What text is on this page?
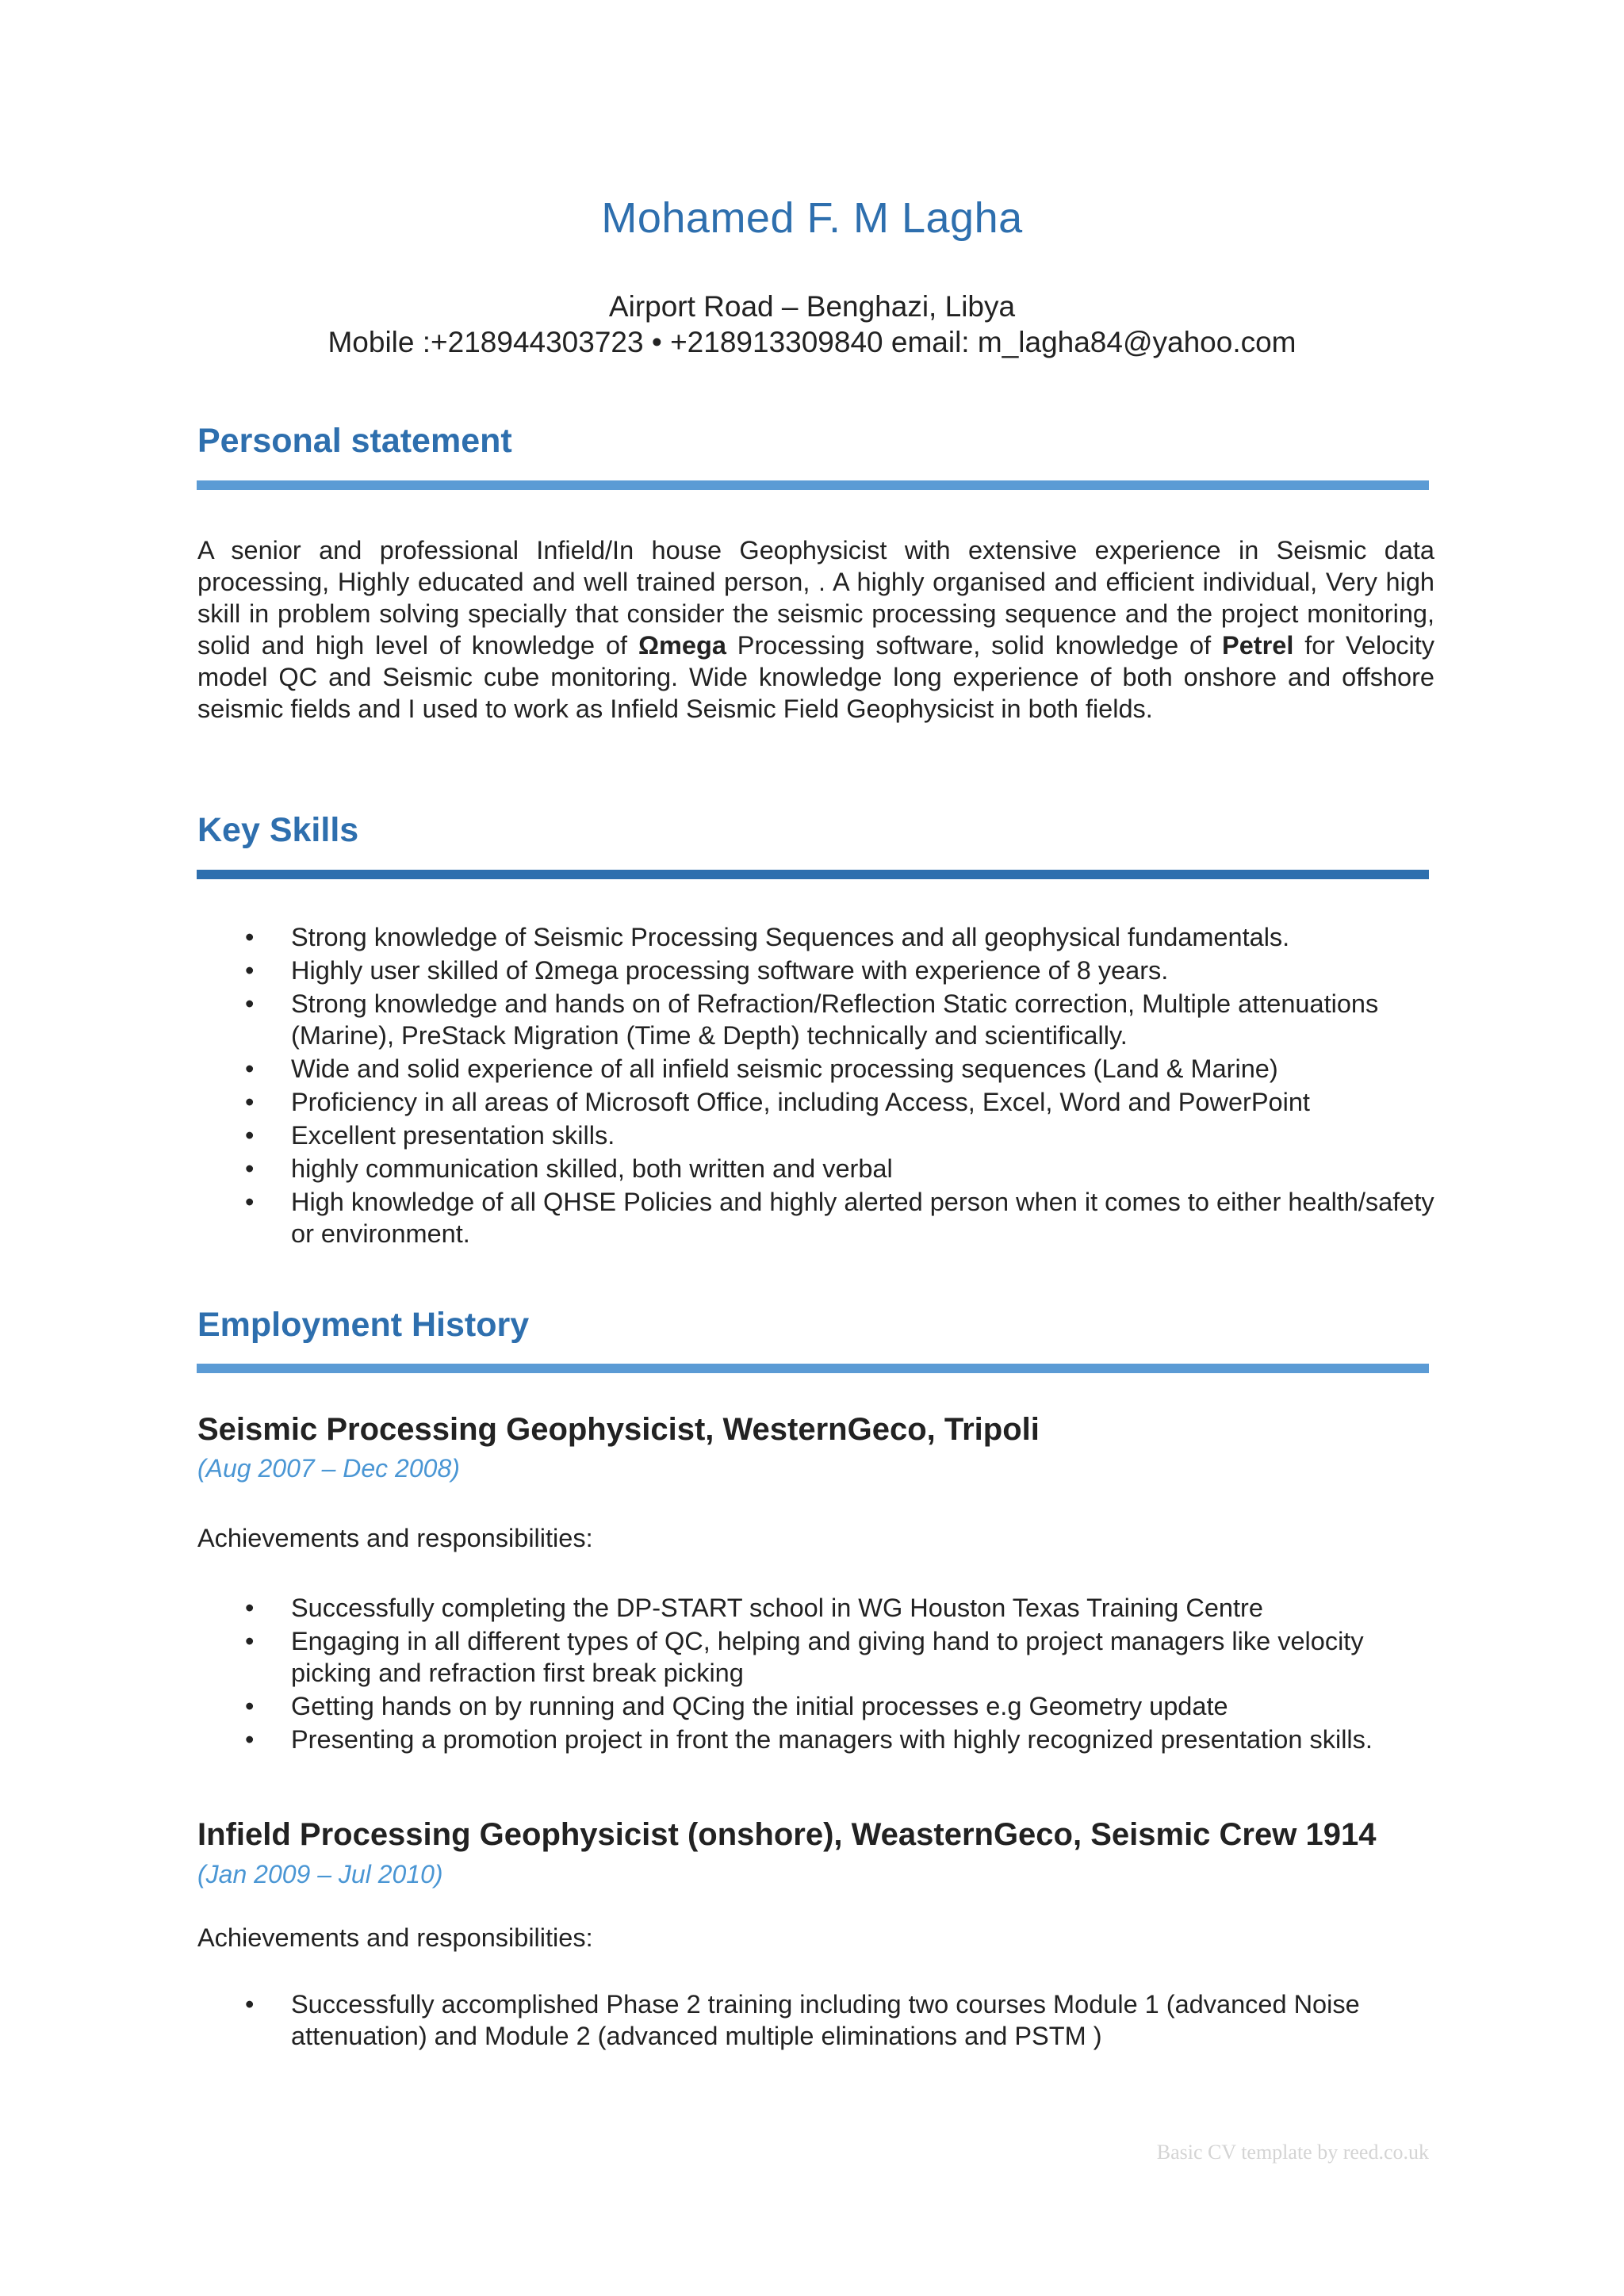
Mohamed F. M Lagha
Airport Road – Benghazi, Libya
Mobile :+218944303723 • +218913309840 email: m_lagha84@yahoo.com
Personal statement
A senior and professional Infield/In house Geophysicist with extensive experience in Seismic data processing, Highly educated and well trained person, . A highly organised and efficient individual, Very high skill in problem solving specially that consider the seismic processing sequence and the project monitoring, solid and high level of knowledge of Ωmega Processing software, solid knowledge of Petrel for Velocity model QC and Seismic cube monitoring. Wide knowledge long experience of both onshore and offshore seismic fields and I used to work as Infield Seismic Field Geophysicist in both fields.
Key Skills
• Strong knowledge of Seismic Processing Sequences and all geophysical fundamentals.
• Highly user skilled of Ωmega processing software with experience of 8 years.
• Strong knowledge and hands on of Refraction/Reflection Static correction, Multiple attenuations (Marine), PreStack Migration (Time & Depth) technically and scientifically.
• Wide and solid experience of all infield seismic processing sequences (Land & Marine)
• Proficiency in all areas of Microsoft Office, including Access, Excel, Word and PowerPoint
• Excellent presentation skills.
• highly communication skilled, both written and verbal
• High knowledge of all QHSE Policies and highly alerted person when it comes to either health/safety or environment.
Employment History
Seismic Processing Geophysicist, WesternGeco, Tripoli
(Aug 2007 – Dec 2008)
Achievements and responsibilities:
• Successfully completing the DP-START school in WG Houston Texas Training Centre
• Engaging in all different types of QC, helping and giving hand to project managers like velocity picking and refraction first break picking
• Getting hands on by running and QCing the initial processes e.g Geometry update
• Presenting a promotion project in front the managers with highly recognized presentation skills.
Infield Processing Geophysicist (onshore), WeasternGeco, Seismic Crew 1914
(Jan 2009 – Jul 2010)
Achievements and responsibilities:
• Successfully accomplished Phase 2 training including two courses Module 1 (advanced Noise attenuation) and Module 2 (advanced multiple eliminations and PSTM )
Basic CV template by reed.co.uk
